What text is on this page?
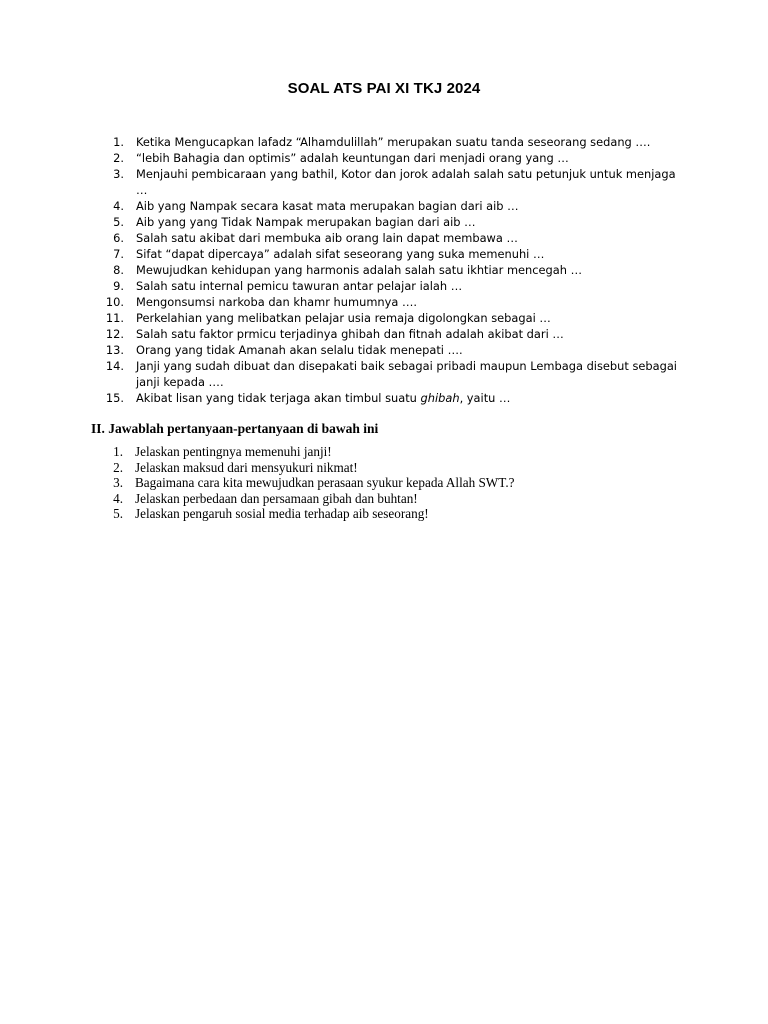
SOAL ATS PAI XI TKJ 2024
1. Ketika Mengucapkan lafadz “Alhamdulillah” merupakan suatu tanda seseorang sedang ….
2. “lebih Bahagia dan optimis” adalah keuntungan dari menjadi orang yang …
3. Menjauhi pembicaraan yang bathil, Kotor dan jorok adalah salah satu petunjuk untuk menjaga …
4. Aib yang Nampak secara kasat mata merupakan bagian dari aib …
5. Aib yang yang Tidak Nampak merupakan bagian dari aib …
6. Salah satu akibat dari membuka aib orang lain dapat membawa …
7. Sifat “dapat dipercaya” adalah sifat seseorang yang suka memenuhi …
8. Mewujudkan kehidupan yang harmonis adalah salah satu ikhtiar mencegah …
9. Salah satu internal pemicu tawuran antar pelajar ialah …
10. Mengonsumsi narkoba dan khamr humumnya ….
11. Perkelahian yang melibatkan pelajar usia remaja digolongkan sebagai …
12. Salah satu faktor prmicu terjadinya ghibah dan fitnah adalah akibat dari …
13. Orang yang tidak Amanah akan selalu tidak menepati ….
14. Janji yang sudah dibuat dan disepakati baik sebagai pribadi maupun Lembaga disebut sebagai janji kepada ….
15. Akibat lisan yang tidak terjaga akan timbul suatu ghibah, yaitu …
II. Jawablah pertanyaan-pertanyaan di bawah ini
1. Jelaskan pentingnya memenuhi janji!
2. Jelaskan maksud dari mensyukuri nikmat!
3. Bagaimana cara kita mewujudkan perasaan syukur kepada Allah SWT.?
4. Jelaskan perbedaan dan persamaan gibah dan buhtan!
5. Jelaskan pengaruh sosial media terhadap aib seseorang!
